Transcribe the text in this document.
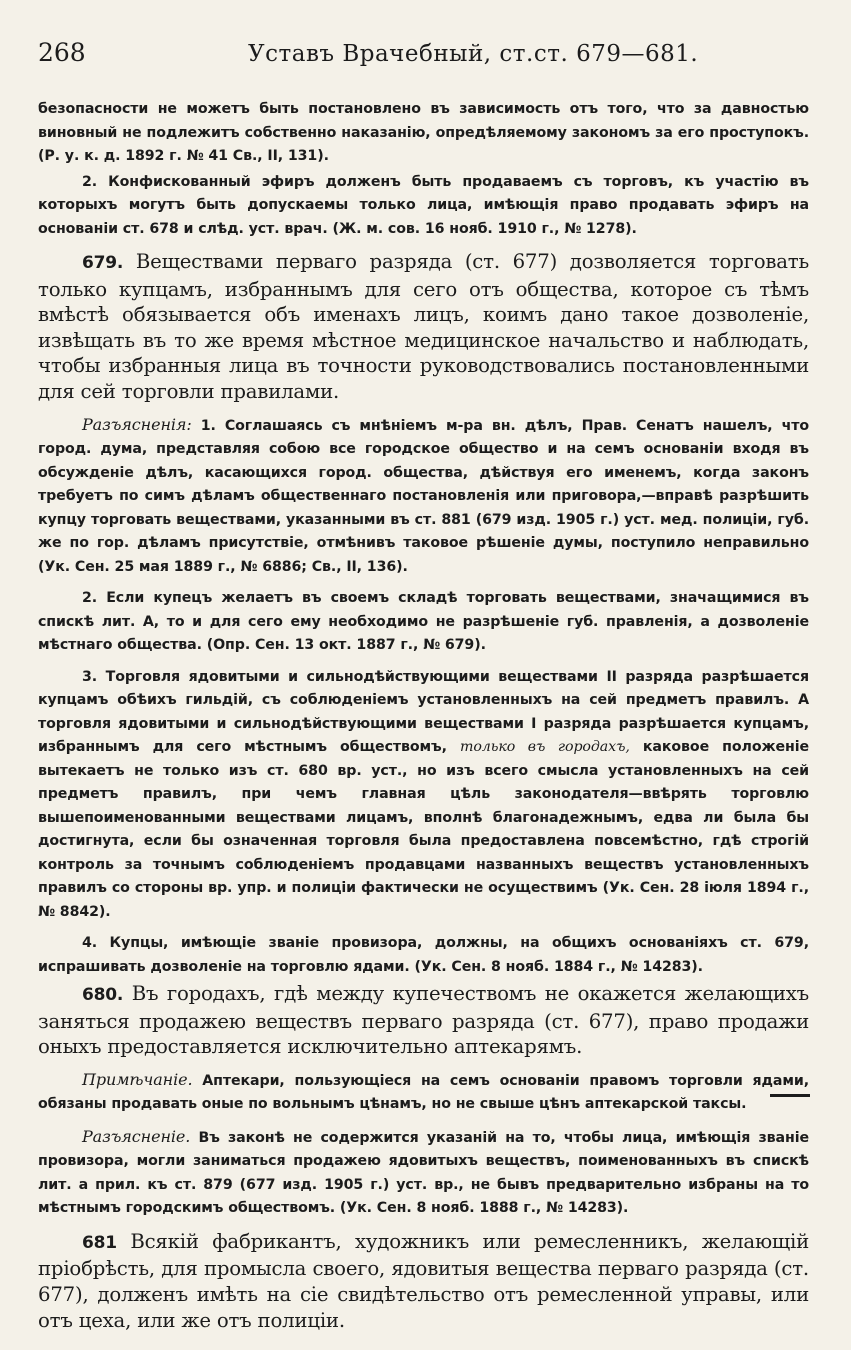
268	Уставъ Врачебный, ст.ст. 679—681.

безопасности не можетъ быть постановлено въ зависимость отъ того, что за давностью виновный не подлежитъ собственно наказанію, опредѣляемому закономъ за его проступокъ. (Р. у. к. д. 1892 г. № 41 Св., II, 131).

2. Конфискованный эфиръ долженъ быть продаваемъ съ торговъ, къ участію въ которыхъ могутъ быть допускаемы только лица, имѣющія право продавать эфиръ на основаніи ст. 678 и слѣд. уст. врач. (Ж. м. сов. 16 нояб. 1910 г., № 1278).

679. Веществами перваго разряда (ст. 677) дозволяется торговать только купцамъ, избраннымъ для сего отъ общества, которое съ тѣмъ вмѣстѣ обязывается объ именахъ лицъ, коимъ дано такое дозволеніе, извѣщать въ то же время мѣстное медицинское начальство и наблюдать, чтобы избранныя лица въ точности руководствовались постановленными для сей торговли правилами.

Разъясненія: 1. Соглашаясь съ мнѣніемъ м-ра вн. дѣлъ, Прав. Сенатъ нашелъ, что город. дума, представляя собою все городское общество и на семъ основаніи входя въ обсужденіе дѣлъ, касающихся город. общества, дѣйствуя его именемъ, когда законъ требуетъ по симъ дѣламъ общественнаго постановленія или приговора,—вправѣ разрѣшить купцу торговать веществами, указанными въ ст. 881 (679 изд. 1905 г.) уст. мед. полиціи, губ. же по гор. дѣламъ присутствіе, отмѣнивъ таковое рѣшеніе думы, поступило неправильно (Ук. Сен. 25 мая 1889 г., № 6886; Св., II, 136).

2. Если купецъ желаетъ въ своемъ складѣ торговать веществами, значащимися въ спискѣ лит. А, то и для сего ему необходимо не разрѣшеніе губ. правленія, а дозволеніе мѣстнаго общества. (Опр. Сен. 13 окт. 1887 г., № 679).

3. Торговля ядовитыми и сильнодѣйствующими веществами II разряда разрѣшается купцамъ обѣихъ гильдій, съ соблюденіемъ установленныхъ на сей предметъ правилъ. А торговля ядовитыми и сильнодѣйствующими веществами I разряда разрѣшается купцамъ, избраннымъ для сего мѣстнымъ обществомъ, только въ городахъ, каковое положеніе вытекаетъ не только изъ ст. 680 вр. уст., но изъ всего смысла установленныхъ на сей предметъ правилъ, при чемъ главная цѣль законодателя—ввѣрять торговлю вышепоименованными веществами лицамъ, вполнѣ благонадежнымъ, едва ли была бы достигнута, если бы означенная торговля была предоставлена повсемѣстно, гдѣ строгій контроль за точнымъ соблюденіемъ продавцами названныхъ веществъ установленныхъ правилъ со стороны вр. упр. и полиціи фактически не осуществимъ (Ук. Сен. 28 іюля 1894 г., № 8842).

4. Купцы, имѣющіе званіе провизора, должны, на общихъ основаніяхъ ст. 679, испрашивать дозволеніе на торговлю ядами. (Ук. Сен. 8 нояб. 1884 г., № 14283).

680. Въ городахъ, гдѣ между купечествомъ не окажется желающихъ заняться продажею веществъ перваго разряда (ст. 677), право продажи оныхъ предоставляется исключительно аптекарямъ.

Примѣчаніе. Аптекари, пользующіеся на семъ основаніи правомъ торговли ядами, обязаны продавать оные по вольнымъ цѣнамъ, но не свыше цѣнъ аптекарской таксы.

Разъясненіе. Въ законѣ не содержится указаній на то, чтобы лица, имѣющія званіе провизора, могли заниматься продажею ядовитыхъ веществъ, поименованныхъ въ спискѣ лит. а прил. къ ст. 879 (677 изд. 1905 г.) уст. вр., не бывъ предварительно избраны на то мѣстнымъ городскимъ обществомъ. (Ук. Сен. 8 нояб. 1888 г., № 14283).

681 Всякій фабрикантъ, художникъ или ремесленникъ, желающій пріобрѣсть, для промысла своего, ядовитыя вещества перваго разряда (ст. 677), долженъ имѣть на сіе свидѣтельство отъ ремесленной управы, или отъ цеха, или же отъ полиціи.
